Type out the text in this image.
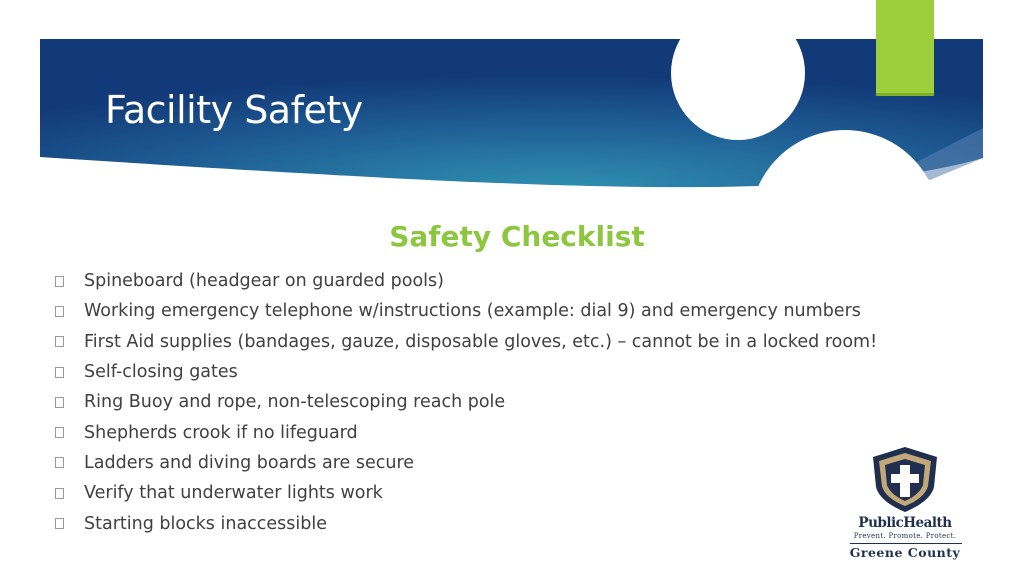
Facility Safety
Safety Checklist
Spineboard (headgear on guarded pools)
Working emergency telephone w/instructions (example: dial 9) and emergency numbers
First Aid supplies (bandages, gauze, disposable gloves, etc.) – cannot be in a locked room!
Self-closing gates
Ring Buoy and rope, non-telescoping reach pole
Shepherds crook if no lifeguard
Ladders and diving boards are secure
Verify that underwater lights work
Starting blocks inaccessible	PublicHealth
Prevent. Promote. Protect.
Greene County
